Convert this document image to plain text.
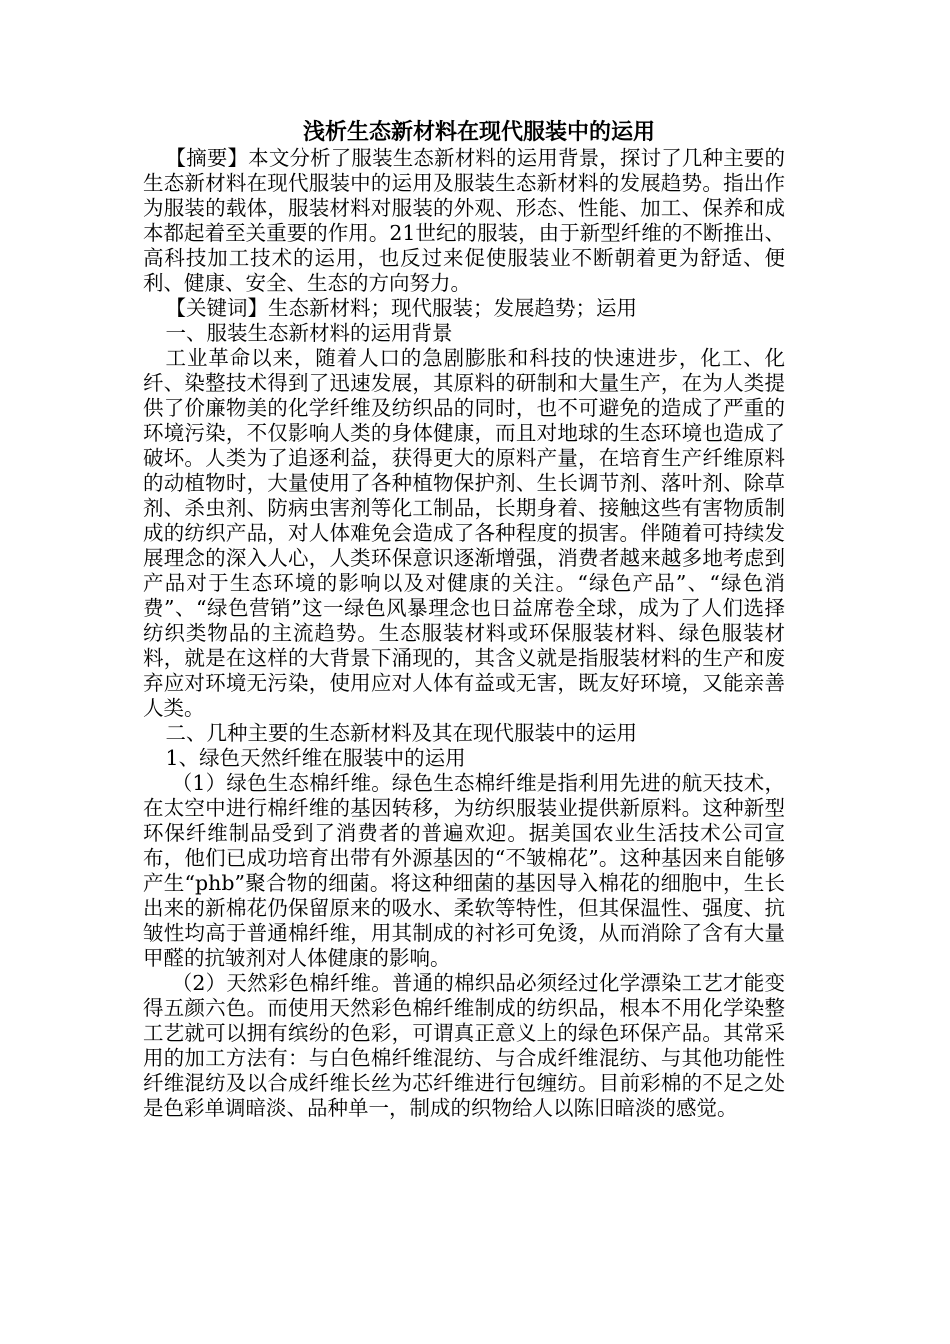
浅析生态新材料在现代服装中的运用

【摘要】本文分析了服装生态新材料的运用背景，探讨了几种主要的生态新材料在现代服装中的运用及服装生态新材料的发展趋势。指出作为服装的载体，服装材料对服装的外观、形态、性能、加工、保养和成本都起着至关重要的作用。21世纪的服装，由于新型纤维的不断推出、高科技加工技术的运用，也反过来促使服装业不断朝着更为舒适、便利、健康、安全、生态的方向努力。

【关键词】生态新材料；现代服装；发展趋势；运用

一、服装生态新材料的运用背景

工业革命以来，随着人口的急剧膨胀和科技的快速进步，化工、化纤、染整技术得到了迅速发展，其原料的研制和大量生产，在为人类提供了价廉物美的化学纤维及纺织品的同时，也不可避免的造成了严重的环境污染，不仅影响人类的身体健康，而且对地球的生态环境也造成了破坏。人类为了追逐利益，获得更大的原料产量，在培育生产纤维原料的动植物时，大量使用了各种植物保护剂、生长调节剂、落叶剂、除草剂、杀虫剂、防病虫害剂等化工制品，长期身着、接触这些有害物质制成的纺织产品，对人体难免会造成了各种程度的损害。伴随着可持续发展理念的深入人心，人类环保意识逐渐增强，消费者越来越多地考虑到产品对于生态环境的影响以及对健康的关注。“绿色产品”、“绿色消费”、“绿色营销”这一绿色风暴理念也日益席卷全球，成为了人们选择纺织类物品的主流趋势。生态服装材料或环保服装材料、绿色服装材料，就是在这样的大背景下涌现的，其含义就是指服装材料的生产和废弃应对环境无污染，使用应对人体有益或无害，既友好环境，又能亲善人类。

二、几种主要的生态新材料及其在现代服装中的运用

1、绿色天然纤维在服装中的运用

（1）绿色生态棉纤维。绿色生态棉纤维是指利用先进的航天技术，在太空中进行棉纤维的基因转移，为纺织服装业提供新原料。这种新型环保纤维制品受到了消费者的普遍欢迎。据美国农业生活技术公司宣布，他们已成功培育出带有外源基因的“不皱棉花”。这种基因来自能够产生“phb”聚合物的细菌。将这种细菌的基因导入棉花的细胞中，生长出来的新棉花仍保留原来的吸水、柔软等特性，但其保温性、强度、抗皱性均高于普通棉纤维，用其制成的衬衫可免烫，从而消除了含有大量甲醛的抗皱剂对人体健康的影响。

（2）天然彩色棉纤维。普通的棉织品必须经过化学漂染工艺才能变得五颜六色。而使用天然彩色棉纤维制成的纺织品，根本不用化学染整工艺就可以拥有缤纷的色彩，可谓真正意义上的绿色环保产品。其常采用的加工方法有：与白色棉纤维混纺、与合成纤维混纺、与其他功能性纤维混纺及以合成纤维长丝为芯纤维进行包缠纺。目前彩棉的不足之处是色彩单调暗淡、品种单一，制成的织物给人以陈旧暗淡的感觉。
